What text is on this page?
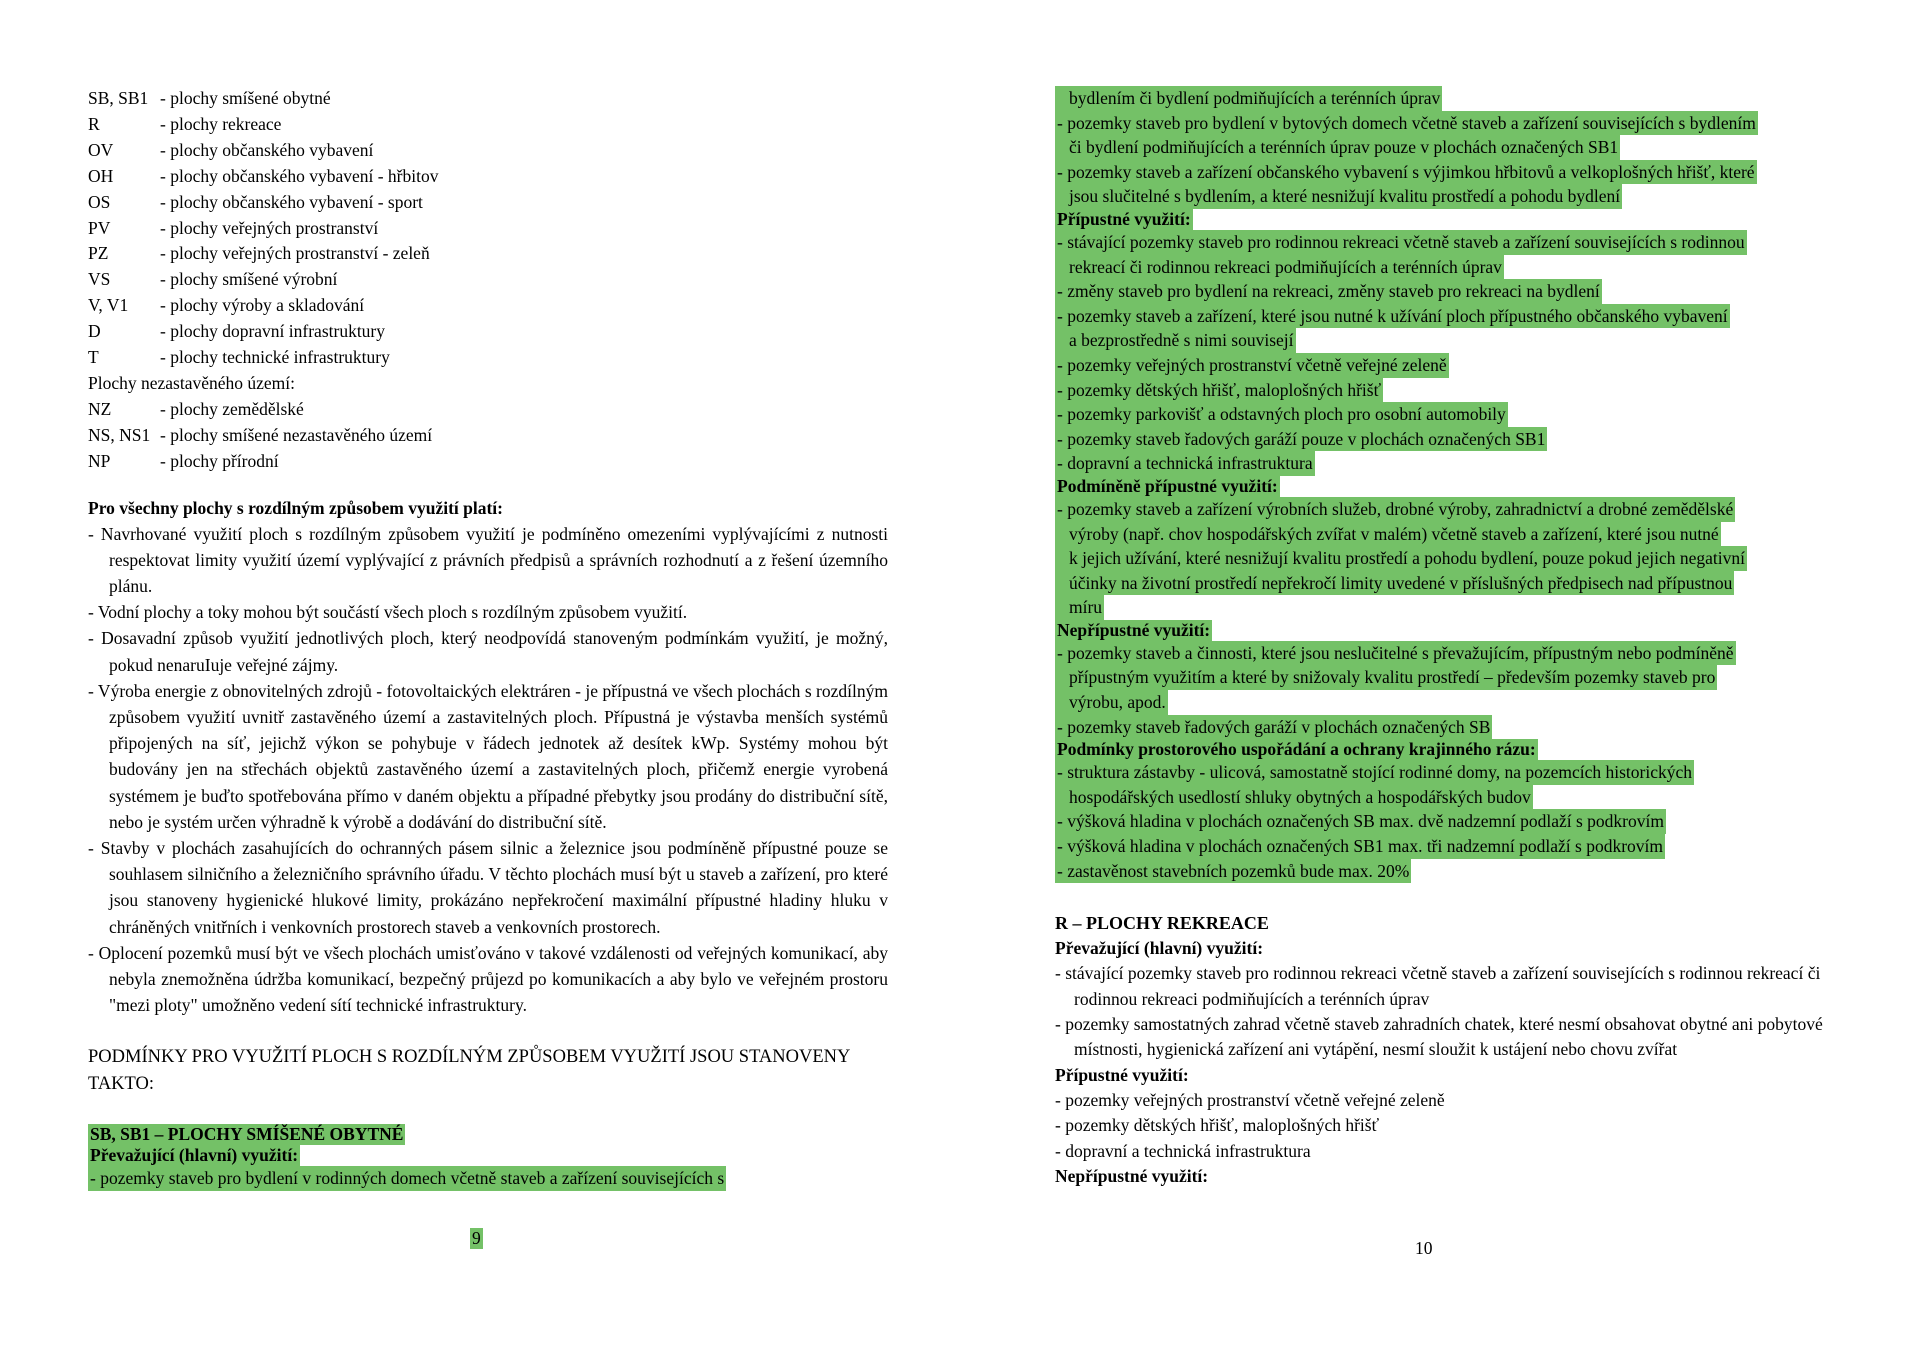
SB, SB1 - plochy smíšené obytné
R	- plochy rekreace
OV	- plochy občanského vybavení
OH	- plochy občanského vybavení - hřbitov
OS	- plochy občanského vybavení - sport
PV	- plochy veřejných prostranství
PZ	- plochy veřejných prostranství - zeleň
VS	- plochy smíšené výrobní
V, V1	- plochy výroby a skladování
D	- plochy dopravní infrastruktury
T	- plochy technické infrastruktury
Plochy nezastavěného území:
NZ	- plochy zemědělské
NS, NS1 - plochy smíšené nezastavěného území
NP	- plochy přírodní
Pro všechny plochy s rozdílným způsobem využití platí:

- Navrhované využití ploch s rozdílným způsobem využití je podmíněno omezeními vyplývajícími z nutnosti respektovat limity využití území vyplývající z právních předpisů a správních rozhodnutí a z řešení územního plánu.

- Vodní plochy a toky mohou být součástí všech ploch s rozdílným způsobem využití.

- Dosavadní způsob využití jednotlivých ploch, který neodpovídá stanoveným podmínkám využití, je možný, pokud nenaruIuje veřejné zájmy.

- Výroba energie z obnovitelných zdrojů - fotovoltaických elektráren - je přípustná ve všech plochách s rozdílným způsobem využití uvnitř zastavěného území a zastavitelných ploch. Přípustná je výstavba menších systémů připojených na síť, jejichž výkon se pohybuje v řádech jednotek až desítek kWp. Systémy mohou být budovány jen na střechách objektů zastavěného území a zastavitelných ploch, přičemž energie vyrobená systémem je buďto spotřebována přímo v daném objektu a případné přebytky jsou prodány do distribuční sítě, nebo je systém určen výhradně k výrobě a dodávání do distribuční sítě.

- Stavby v plochách zasahujících do ochranných pásem silnic a železnice jsou podmíněně přípustné pouze se souhlasem silničního a železničního správního úřadu. V těchto plochách musí být u staveb a zařízení, pro které jsou stanoveny hygienické hlukové limity, prokázáno nepřekročení maximální přípustné hladiny hluku v chráněných vnitřních i venkovních prostorech staveb a venkovních prostorech.

- Oplocení pozemků musí být ve všech plochách umisťováno v takové vzdálenosti od veřejných komunikací, aby nebyla znemožněna údržba komunikací, bezpečný průjezd po komunikacích a aby bylo ve veřejném prostoru "mezi ploty" umožněno vedení sítí technické infrastruktury.

PODMÍNKY PRO VYUŽITÍ PLOCH S ROZDÍLNÝM ZPŮSOBEM VYUŽITÍ JSOU STANOVENY TAKTO:
SB, SB1 – PLOCHY SMÍŠENÉ OBYTNÉ
Převažující (hlavní) využití:
- pozemky staveb pro bydlení v rodinných domech včetně staveb a zařízení souvisejících s
bydlením či bydlení podmiňujících a terénních úprav
- pozemky staveb pro bydlení v bytových domech včetně staveb a zařízení souvisejících s bydlením
či bydlení podmiňujících a terénních úprav pouze v plochách označených SB1
- pozemky staveb a zařízení občanského vybavení s výjimkou hřbitovů a velkoplošných hřišť, které
jsou slučitelné s bydlením, a které nesnižují kvalitu prostředí a pohodu bydlení
Přípustné využití:
- stávající pozemky staveb pro rodinnou rekreaci včetně staveb a zařízení souvisejících s rodinnou
rekreací či rodinnou rekreaci podmiňujících a terénních úprav
- změny staveb pro bydlení na rekreaci, změny staveb pro rekreaci na bydlení
- pozemky staveb a zařízení, které jsou nutné k užívání ploch přípustného občanského vybavení
a bezprostředně s nimi souvisejí
- pozemky veřejných prostranství včetně veřejné zeleně
- pozemky dětských hřišť, maloplošných hřišť
- pozemky parkovišť a odstavných ploch pro osobní automobily
- pozemky staveb řadových garáží pouze v plochách označených SB1
- dopravní a technická infrastruktura
Podmíněně přípustné využití:
- pozemky staveb a zařízení výrobních služeb, drobné výroby, zahradnictví a drobné zemědělské
výroby (např. chov hospodářských zvířat v malém) včetně staveb a zařízení, které jsou nutné
k jejich užívání, které nesnižují kvalitu prostředí a pohodu bydlení, pouze pokud jejich negativní
účinky na životní prostředí nepřekročí limity uvedené v příslušných předpisech nad přípustnou
míru
Nepřípustné využití:
- pozemky staveb a činnosti, které jsou neslučitelné s převažujícím, přípustným nebo podmíněně
přípustným využitím a které by snižovaly kvalitu prostředí – především pozemky staveb pro
výrobu, apod.
- pozemky staveb řadových garáží v plochách označených SB
Podmínky prostorového uspořádání a ochrany krajinného rázu:
- struktura zástavby - ulicová, samostatně stojící rodinné domy, na pozemcích historických
hospodářských usedlostí shluky obytných a hospodářských budov
- výšková hladina v plochách označených SB max. dvě nadzemní podlaží s podkrovím
- výšková hladina v plochách označených SB1 max. tři nadzemní podlaží s podkrovím
- zastavěnost stavebních pozemků bude max. 20%
R – PLOCHY REKREACE
Převažující (hlavní) využití:
- stávající pozemky staveb pro rodinnou rekreaci včetně staveb a zařízení souvisejících s rodinnou rekreací či rodinnou rekreaci podmiňujících a terénních úprav
- pozemky samostatných zahrad včetně staveb zahradních chatek, které nesmí obsahovat obytné ani pobytové místnosti, hygienická zařízení ani vytápění, nesmí sloužit k ustájení nebo chovu zvířat
Přípustné využití:
- pozemky veřejných prostranství včetně veřejné zeleně
- pozemky dětských hřišť, maloplošných hřišť
- dopravní a technická infrastruktura
Nepřípustné využití:
9	10
